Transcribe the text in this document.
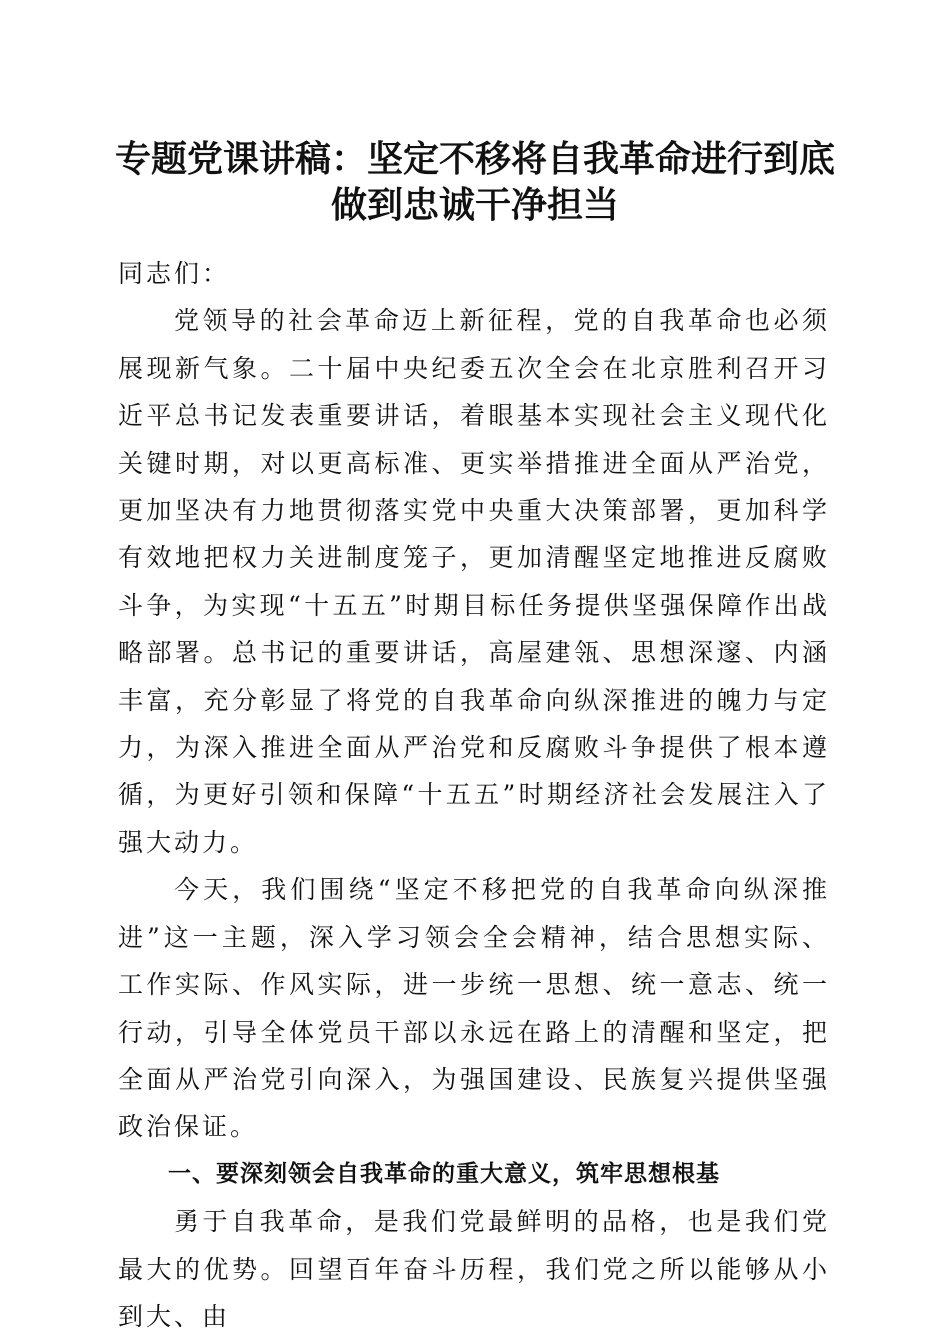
专题党课讲稿：坚定不移将自我革命进行到底
做到忠诚干净担当

同志们：

党领导的社会革命迈上新征程，党的自我革命也必须展现新气象。二十届中央纪委五次全会在北京胜利召开习近平总书记发表重要讲话，着眼基本实现社会主义现代化关键时期，对以更高标准、更实举措推进全面从严治党，更加坚决有力地贯彻落实党中央重大决策部署，更加科学有效地把权力关进制度笼子，更加清醒坚定地推进反腐败斗争，为实现“十五五”时期目标任务提供坚强保障作出战略部署。总书记的重要讲话，高屋建瓴、思想深邃、内涵丰富，充分彰显了将党的自我革命向纵深推进的魄力与定力，为深入推进全面从严治党和反腐败斗争提供了根本遵循，为更好引领和保障“十五五”时期经济社会发展注入了强大动力。

今天，我们围绕“坚定不移把党的自我革命向纵深推进”这一主题，深入学习领会全会精神，结合思想实际、工作实际、作风实际，进一步统一思想、统一意志、统一行动，引导全体党员干部以永远在路上的清醒和坚定，把全面从严治党引向深入，为强国建设、民族复兴提供坚强政治保证。

一、要深刻领会自我革命的重大意义，筑牢思想根基

勇于自我革命，是我们党最鲜明的品格，也是我们党最大的优势。回望百年奋斗历程，我们党之所以能够从小到大、由
